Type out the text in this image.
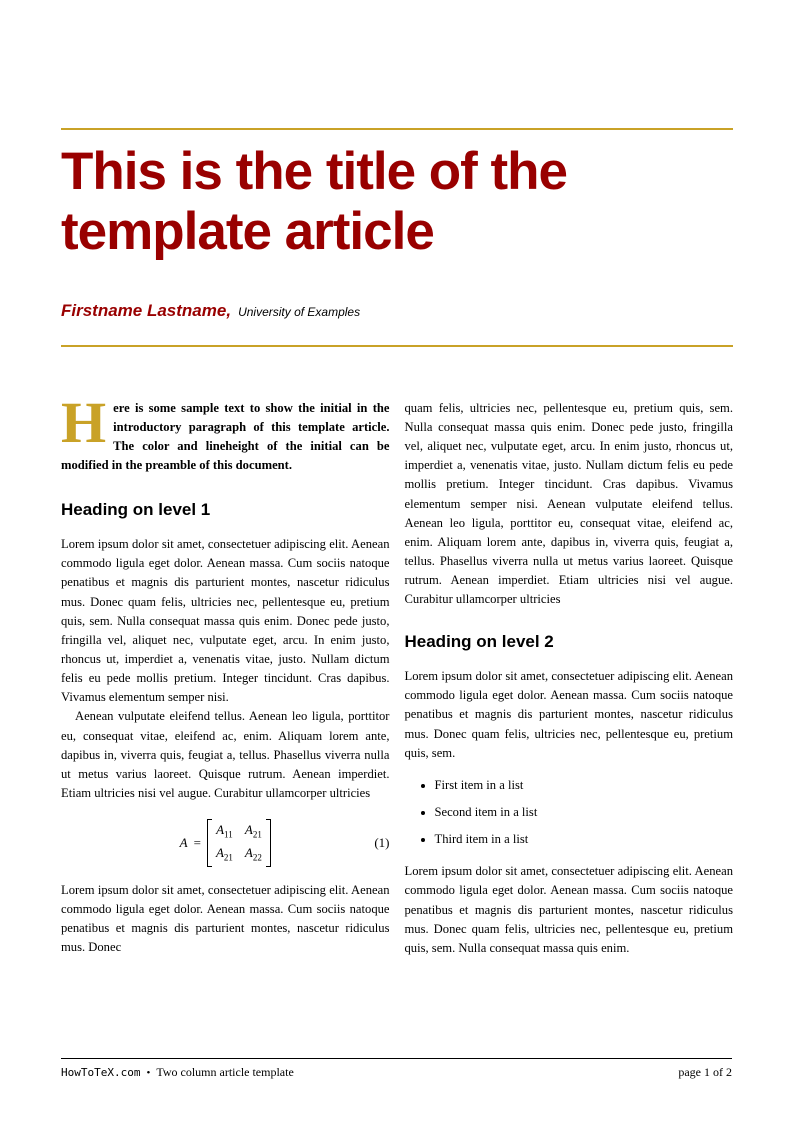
This is the title of the template article
Firstname Lastname, University of Examples

Here is some sample text to show the initial in the introductory paragraph of this template article. The color and lineheight of the initial can be modified in the preamble of this document.

Heading on level 1

Lorem ipsum dolor sit amet, consectetuer adipiscing elit. Aenean commodo ligula eget dolor. Aenean massa. Cum sociis natoque penatibus et magnis dis parturient montes, nascetur ridiculus mus. Donec quam felis, ultricies nec, pellentesque eu, pretium quis, sem. Nulla consequat massa quis enim. Donec pede justo, fringilla vel, aliquet nec, vulputate eget, arcu. In enim justo, rhoncus ut, imperdiet a, venenatis vitae, justo. Nullam dictum felis eu pede mollis pretium. Integer tincidunt. Cras dapibus. Vivamus elementum semper nisi.

Aenean vulputate eleifend tellus. Aenean leo ligula, porttitor eu, consequat vitae, eleifend ac, enim. Aliquam lorem ante, dapibus in, viverra quis, feugiat a, tellus. Phasellus viverra nulla ut metus varius laoreet. Quisque rutrum. Aenean imperdiet. Etiam ultricies nisi vel augue. Curabitur ullamcorper ultricies

A =
$A_{11}$ $A_{21}$
$A_{21}$ $A_{22}$
(1)

Lorem ipsum dolor sit amet, consectetuer adipiscing elit. Aenean commodo ligula eget dolor. Aenean massa. Cum sociis natoque penatibus et magnis dis parturient montes, nascetur ridiculus mus. Donec

quam felis, ultricies nec, pellentesque eu, pretium quis, sem. Nulla consequat massa quis enim. Donec pede justo, fringilla vel, aliquet nec, vulputate eget, arcu. In enim justo, rhoncus ut, imperdiet a, venenatis vitae, justo. Nullam dictum felis eu pede mollis pretium. Integer tincidunt. Cras dapibus. Vivamus elementum semper nisi. Aenean vulputate eleifend tellus. Aenean leo ligula, porttitor eu, consequat vitae, eleifend ac, enim. Aliquam lorem ante, dapibus in, viverra quis, feugiat a, tellus. Phasellus viverra nulla ut metus varius laoreet. Quisque rutrum. Aenean imperdiet. Etiam ultricies nisi vel augue. Curabitur ullamcorper ultricies

Heading on level 2

Lorem ipsum dolor sit amet, consectetuer adipiscing elit. Aenean commodo ligula eget dolor. Aenean massa. Cum sociis natoque penatibus et magnis dis parturient montes, nascetur ridiculus mus. Donec quam felis, ultricies nec, pellentesque eu, pretium quis, sem.

• First item in a list
• Second item in a list
• Third item in a list

Lorem ipsum dolor sit amet, consectetuer adipiscing elit. Aenean commodo ligula eget dolor. Aenean massa. Cum sociis natoque penatibus et magnis dis parturient montes, nascetur ridiculus mus. Donec quam felis, ultricies nec, pellentesque eu, pretium quis, sem. Nulla consequat massa quis enim.

HowToTeX.com • Two column article template	page 1 of 2
